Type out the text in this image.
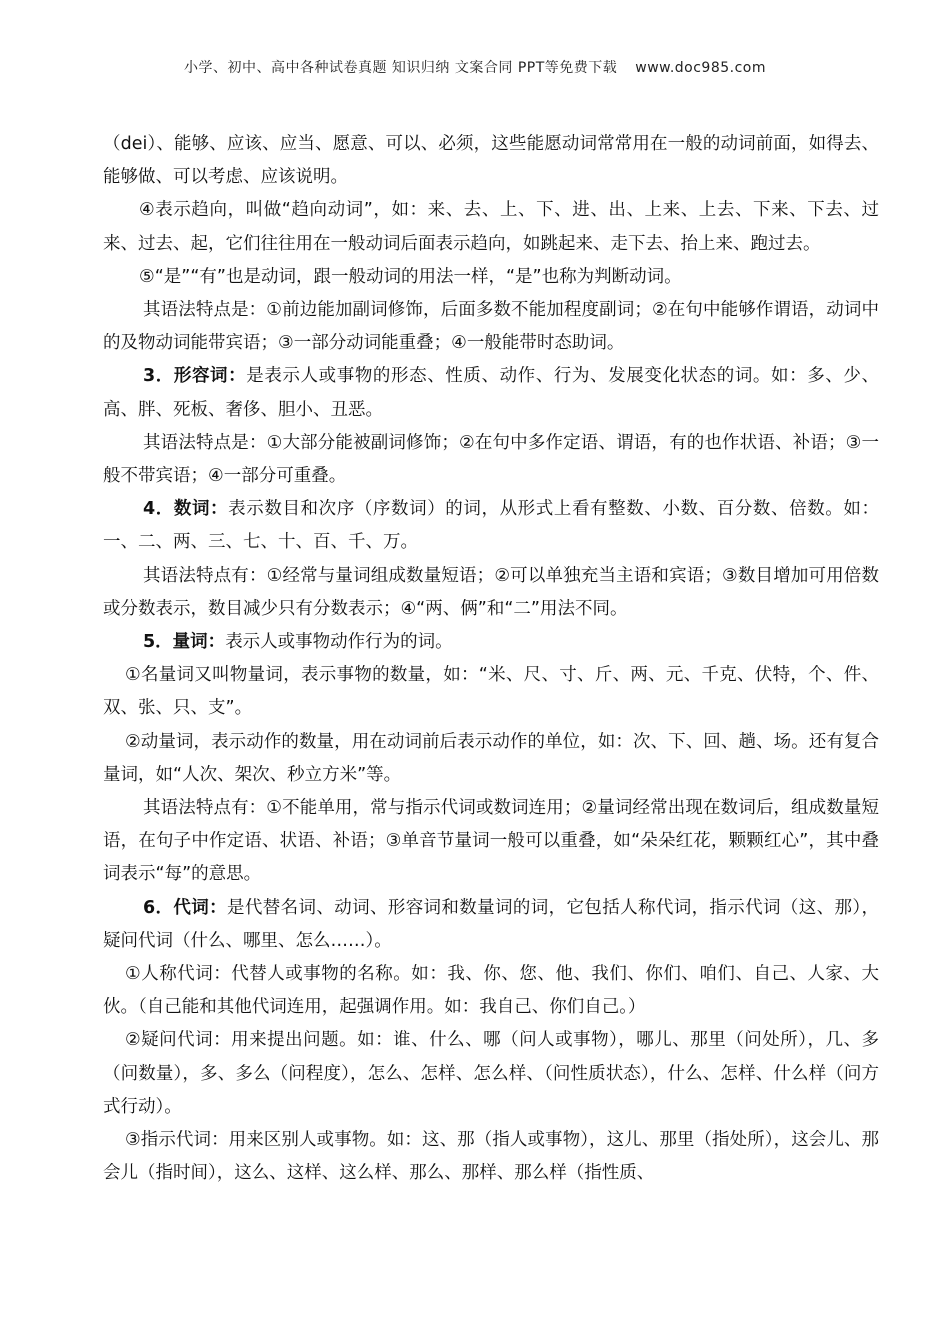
小学、初中、高中各种试卷真题 知识归纳 文案合同 PPT等免费下载 www.doc985.com

（dei）、能够、应该、应当、愿意、可以、必须，这些能愿动词常常用在一般的动词前面，如得去、能够做、可以考虑、应该说明。

④表示趋向，叫做“趋向动词”，如：来、去、上、下、进、出、上来、上去、下来、下去、过来、过去、起，它们往往用在一般动词后面表示趋向，如跳起来、走下去、抬上来、跑过去。

⑤“是”“有”也是动词，跟一般动词的用法一样，“是”也称为判断动词。

其语法特点是：①前边能加副词修饰，后面多数不能加程度副词；②在句中能够作谓语，动词中的及物动词能带宾语；③一部分动词能重叠；④一般能带时态助词。

3．形容词：是表示人或事物的形态、性质、动作、行为、发展变化状态的词。如：多、少、高、胖、死板、奢侈、胆小、丑恶。

其语法特点是：①大部分能被副词修饰；②在句中多作定语、谓语，有的也作状语、补语；③一般不带宾语；④一部分可重叠。

4．数词：表示数目和次序（序数词）的词，从形式上看有整数、小数、百分数、倍数。如：一、二、两、三、七、十、百、千、万。

其语法特点有：①经常与量词组成数量短语；②可以单独充当主语和宾语；③数目增加可用倍数或分数表示，数目减少只有分数表示；④“两、俩”和“二”用法不同。

5．量词：表示人或事物动作行为的词。

①名量词又叫物量词，表示事物的数量，如：“米、尺、寸、斤、两、元、千克、伏特，个、件、双、张、只、支”。

②动量词，表示动作的数量，用在动词前后表示动作的单位，如：次、下、回、趟、场。还有复合量词，如“人次、架次、秒立方米”等。

其语法特点有：①不能单用，常与指示代词或数词连用；②量词经常出现在数词后，组成数量短语，在句子中作定语、状语、补语；③单音节量词一般可以重叠，如“朵朵红花，颗颗红心”，其中叠词表示“每”的意思。

6．代词：是代替名词、动词、形容词和数量词的词，它包括人称代词，指示代词（这、那），疑问代词（什么、哪里、怎么……）。

①人称代词：代替人或事物的名称。如：我、你、您、他、我们、你们、咱们、自己、人家、大伙。（自己能和其他代词连用，起强调作用。如：我自己、你们自己。）

②疑问代词：用来提出问题。如：谁、什么、哪（问人或事物），哪儿、那里（问处所），几、多（问数量），多、多么（问程度），怎么、怎样、怎么样、（问性质状态），什么、怎样、什么样（问方式行动）。

③指示代词：用来区别人或事物。如：这、那（指人或事物），这儿、那里（指处所），这会儿、那会儿（指时间），这么、这样、这么样、那么、那样、那么样（指性质、
